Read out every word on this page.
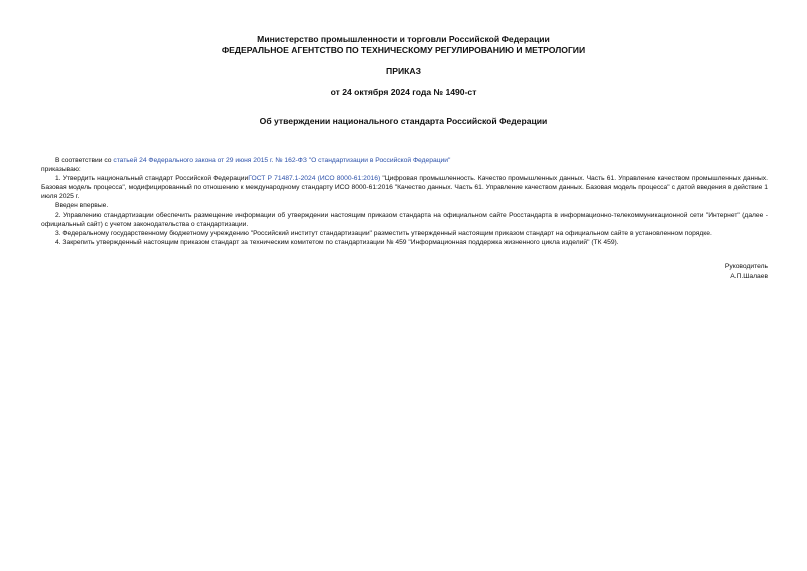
Министерство промышленности и торговли Российской Федерации
ФЕДЕРАЛЬНОЕ АГЕНТСТВО ПО ТЕХНИЧЕСКОМУ РЕГУЛИРОВАНИЮ И МЕТРОЛОГИИ
ПРИКАЗ
от 24 октября 2024 года № 1490-ст
Об утверждении национального стандарта Российской Федерации

В соответствии со статьей 24 Федерального закона от 29 июня 2015 г. № 162-ФЗ "О стандартизации в Российской Федерации"

приказываю:

1. Утвердить национальный стандарт Российской ФедерацииГОСТ Р 71487.1-2024 (ИСО 8000-61:2016) "Цифровая промышленность. Качество промышленных данных. Часть 61. Управление качеством промышленных данных. Базовая модель процесса", модифицированный по отношению к международному стандарту ИСО 8000-61:2016 "Качество данных. Часть 61. Управление качеством данных. Базовая модель процесса" с датой введения в действие 1 июля 2025 г.

Введен впервые.

2. Управлению стандартизации обеспечить размещение информации об утверждении настоящим приказом стандарта на официальном сайте Росстандарта в информационно-телекоммуникационной сети "Интернет" (далее - официальный сайт) с учетом законодательства о стандартизации.

3. Федеральному государственному бюджетному учреждению "Российский институт стандартизации" разместить утвержденный настоящим приказом стандарт на официальном сайте в установленном порядке.

4. Закрепить утвержденный настоящим приказом стандарт за техническим комитетом по стандартизации № 459 "Информационная поддержка жизненного цикла изделий" (ТК 459).

Руководитель
А.П.Шалаев
